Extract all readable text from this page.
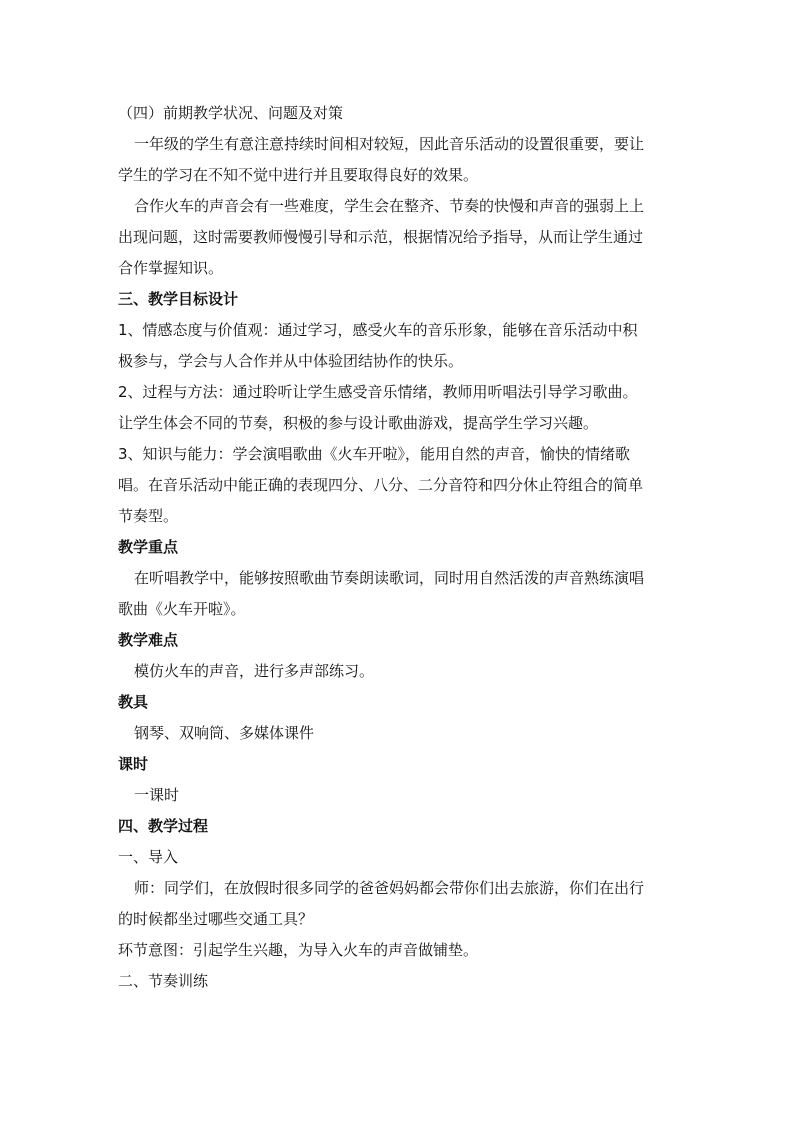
（四）前期教学状况、问题及对策
一年级的学生有意注意持续时间相对较短，因此音乐活动的设置很重要，要让
学生的学习在不知不觉中进行并且要取得良好的效果。
合作火车的声音会有一些难度，学生会在整齐、节奏的快慢和声音的强弱上上
出现问题，这时需要教师慢慢引导和示范，根据情况给予指导，从而让学生通过
合作掌握知识。
三、教学目标设计
1、情感态度与价值观：通过学习，感受火车的音乐形象，能够在音乐活动中积
极参与，学会与人合作并从中体验团结协作的快乐。
2、过程与方法：通过聆听让学生感受音乐情绪，教师用听唱法引导学习歌曲。
让学生体会不同的节奏，积极的参与设计歌曲游戏，提高学生学习兴趣。
3、知识与能力：学会演唱歌曲《火车开啦》，能用自然的声音，愉快的情绪歌
唱。在音乐活动中能正确的表现四分、八分、二分音符和四分休止符组合的简单
节奏型。
教学重点
在听唱教学中，能够按照歌曲节奏朗读歌词，同时用自然活泼的声音熟练演唱
歌曲《火车开啦》。
教学难点
模仿火车的声音，进行多声部练习。
教具
钢琴、双响筒、多媒体课件
课时
一课时
四、教学过程
一、导入
师：同学们，在放假时很多同学的爸爸妈妈都会带你们出去旅游，你们在出行
的时候都坐过哪些交通工具？
环节意图：引起学生兴趣，为导入火车的声音做铺垫。
二、节奏训练
